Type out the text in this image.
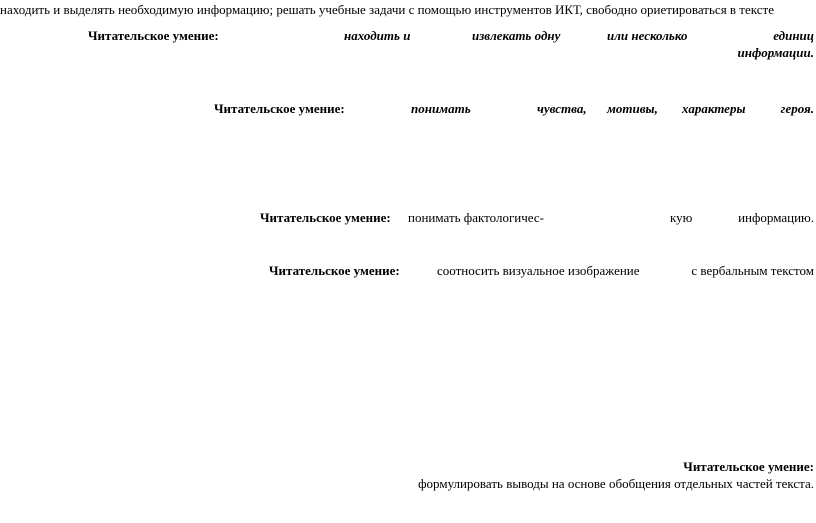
находить и выделять необходимую информацию; решать учебные задачи с помощью инструментов ИКТ, свободно ориетироваться в тексте
Читательское умение:	находить и	извлекать одну	или несколько	единиц
информации.
Читательское умение:	понимать	чувства, мотивы, характеры	героя.
Читательское умение: понимать фактологичес-	кую	информацию.
Читательское умение:	соотносить визуальное изображение	с вербальным текстом
Читательское умение:
формулировать выводы на основе обобщения отдельных частей текста.
